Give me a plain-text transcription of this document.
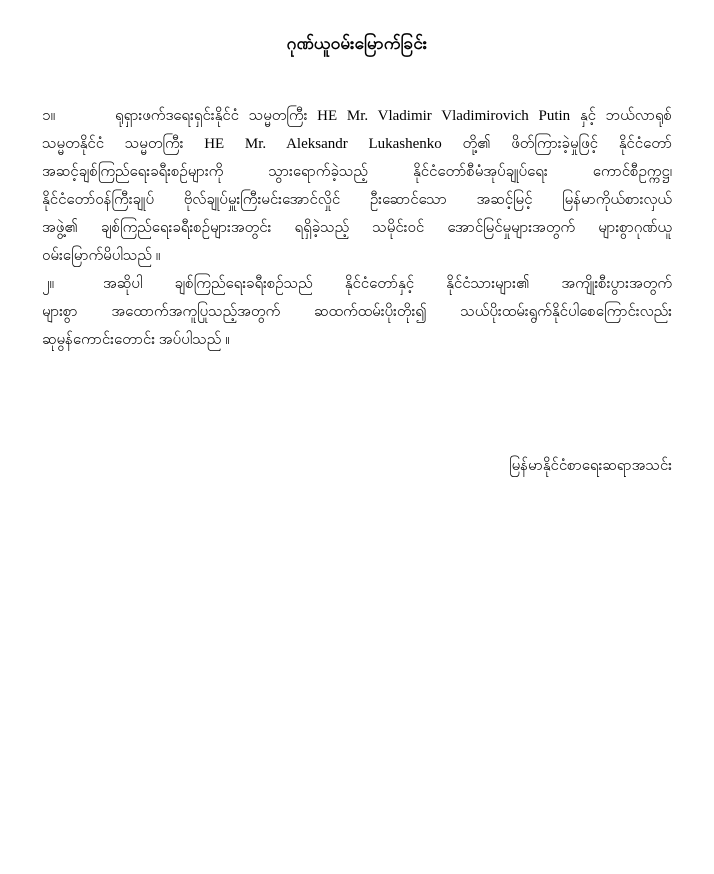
ဂုဏ်ယူဝမ်းမြောက်ခြင်း
၁။	ရုရှားဖက်ဒရေးရှင်းနိုင်ငံ သမ္မတကြီး HE Mr. Vladimir Vladimirovich Putin နှင့် ဘယ်လာရုစ်
သမ္မတနိုင်ငံ သမ္မတကြီး HE Mr. Aleksandr Lukashenko တို့၏ ဖိတ်ကြားခဲ့မှုဖြင့် နိုင်ငံတော်
အဆင့်ချစ်ကြည်ရေးခရီးစဉ်များကို သွားရောက်ခဲ့သည့် နိုင်ငံတော်စီမံအုပ်ချုပ်ရေး ကောင်စီဥက္ကဋ္ဌ၊
နိုင်ငံတော်ဝန်ကြီးချုပ် ဗိုလ်ချုပ်မှူးကြီးမင်းအောင်လှိုင် ဦးဆောင်သော အဆင့်မြင့် မြန်မာကိုယ်စားလှယ်
အဖွဲ့၏ ချစ်ကြည်ရေးခရီးစဉ်များအတွင်း ရရှိခဲ့သည့် သမိုင်းဝင် အောင်မြင်မှုများအတွက် များစွာဂုဏ်ယူ
ဝမ်းမြောက်မိပါသည် ။
၂။	အဆိုပါ ချစ်ကြည်ရေးခရီးစဉ်သည် နိုင်ငံတော်နှင့် နိုင်ငံသားများ၏ အကျိုးစီးပွားအတွက်
များစွာ အထောက်အကူပြုသည့်အတွက် ဆထက်ထမ်းပိုးတိုး၍ သယ်ပိုးထမ်းရွက်နိုင်ပါစေကြောင်းလည်း
ဆုမွန်ကောင်းတောင်း အပ်ပါသည် ။
မြန်မာနိုင်ငံစာရေးဆရာအသင်း
